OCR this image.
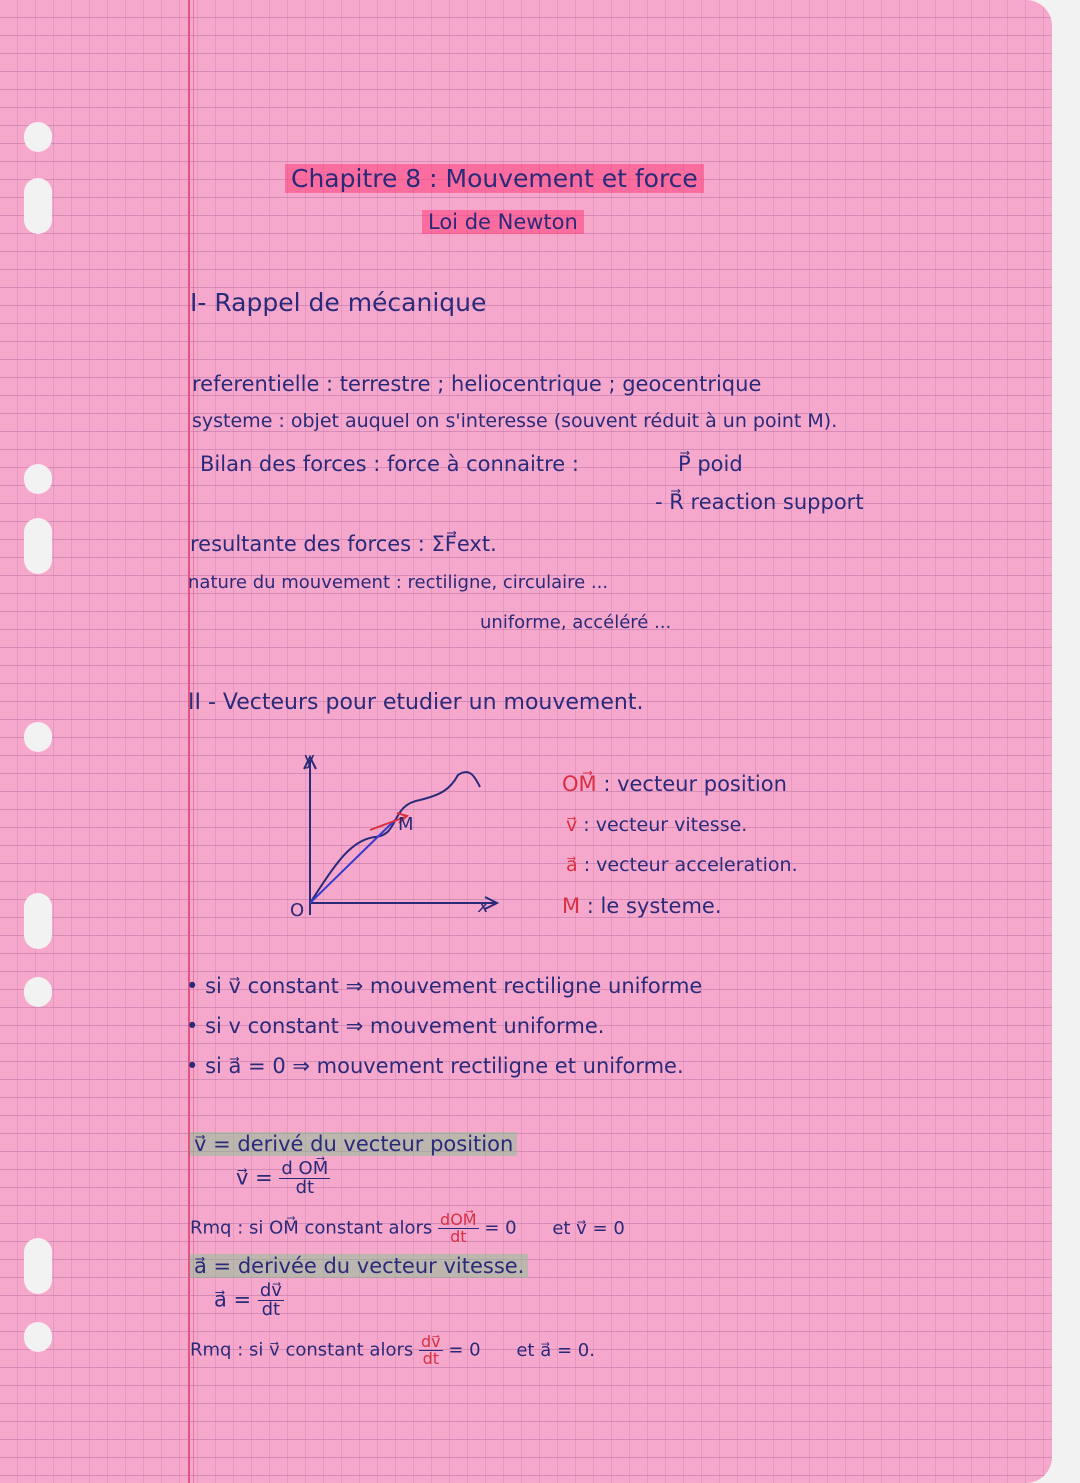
Chapitre 8 : Mouvement et force
Loi de Newton
I- Rappel de mécanique
referentielle : terrestre ; heliocentrique ; geocentrique
systeme : objet auquel on s'interesse (souvent réduit à un point M).
Bilan des forces : force à connaitre :	P⃗ poid
- R⃗ reaction support
resultante des forces : ΣF⃗ext.
nature du mouvement : rectiligne, circulaire ...
uniforme, accéléré ...
II - Vecteurs pour etudier un mouvement.
y
x
O
M
OM⃗ : vecteur position
v⃗ : vecteur vitesse.
a⃗ : vecteur acceleration.
M : le systeme.
• si v⃗ constant ⇒ mouvement rectiligne uniforme
• si v constant ⇒ mouvement uniforme.
• si a⃗ = 0 ⇒ mouvement rectiligne et uniforme.
v⃗ = derivé du vecteur position
v⃗ = $\frac{\text{d OM⃗}}{dt}$
Rmq : si OM⃗ constant alors $\frac{\text{dOM⃗}}{dt} = 0$ et v⃗ = 0
a⃗ = derivée du vecteur vitesse.
a⃗ = $\frac{dv⃗}{dt}$
Rmq : si v⃗ constant alors $\frac{dv⃗}{dt} = 0$ et a⃗ = 0.
